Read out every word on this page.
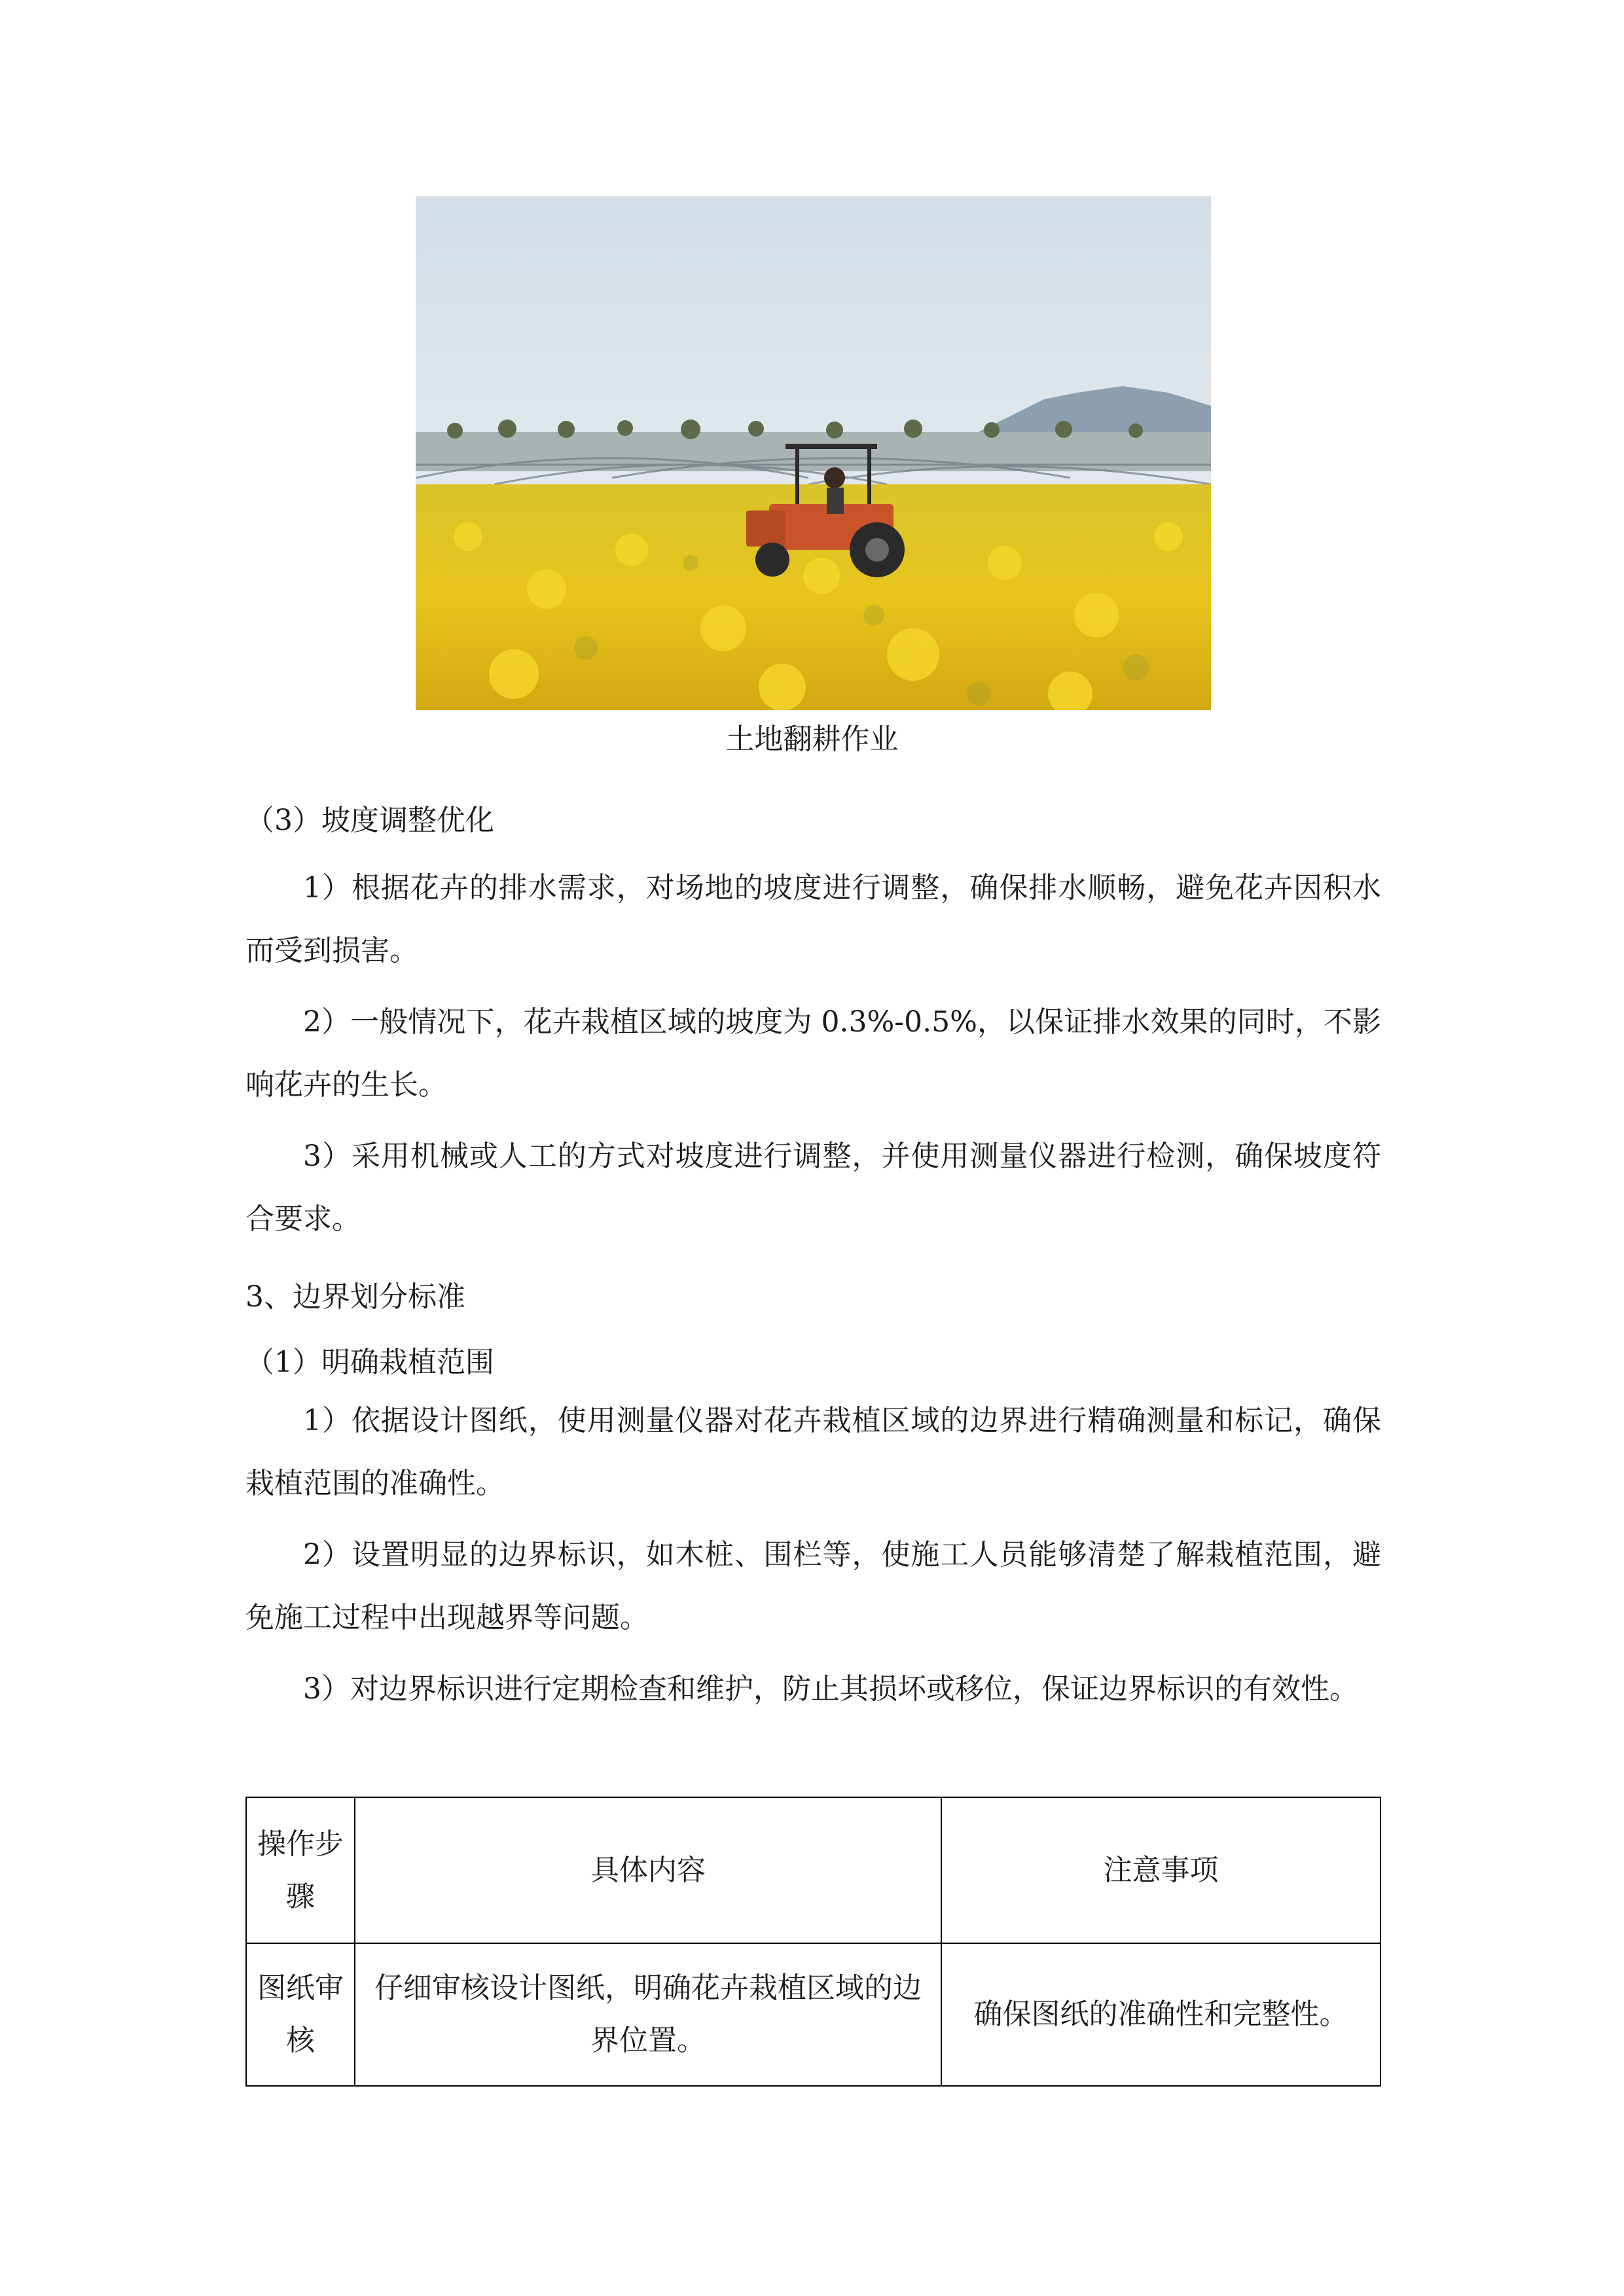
土地翻耕作业
（3）坡度调整优化
1）根据花卉的排水需求，对场地的坡度进行调整，确保排水顺畅，避免花卉因积水而受到损害。
2）一般情况下，花卉栽植区域的坡度为 0.3%-0.5%，以保证排水效果的同时，不影响花卉的生长。
3）采用机械或人工的方式对坡度进行调整，并使用测量仪器进行检测，确保坡度符合要求。
3、边界划分标准
（1）明确栽植范围
1）依据设计图纸，使用测量仪器对花卉栽植区域的边界进行精确测量和标记，确保栽植范围的准确性。
2）设置明显的边界标识，如木桩、围栏等，使施工人员能够清楚了解栽植范围，避免施工过程中出现越界等问题。
3）对边界标识进行定期检查和维护，防止其损坏或移位，保证边界标识的有效性。
操作步骤	具体内容	注意事项
图纸审核	仔细审核设计图纸，明确花卉栽植区域的边界位置。	确保图纸的准确性和完整性。
